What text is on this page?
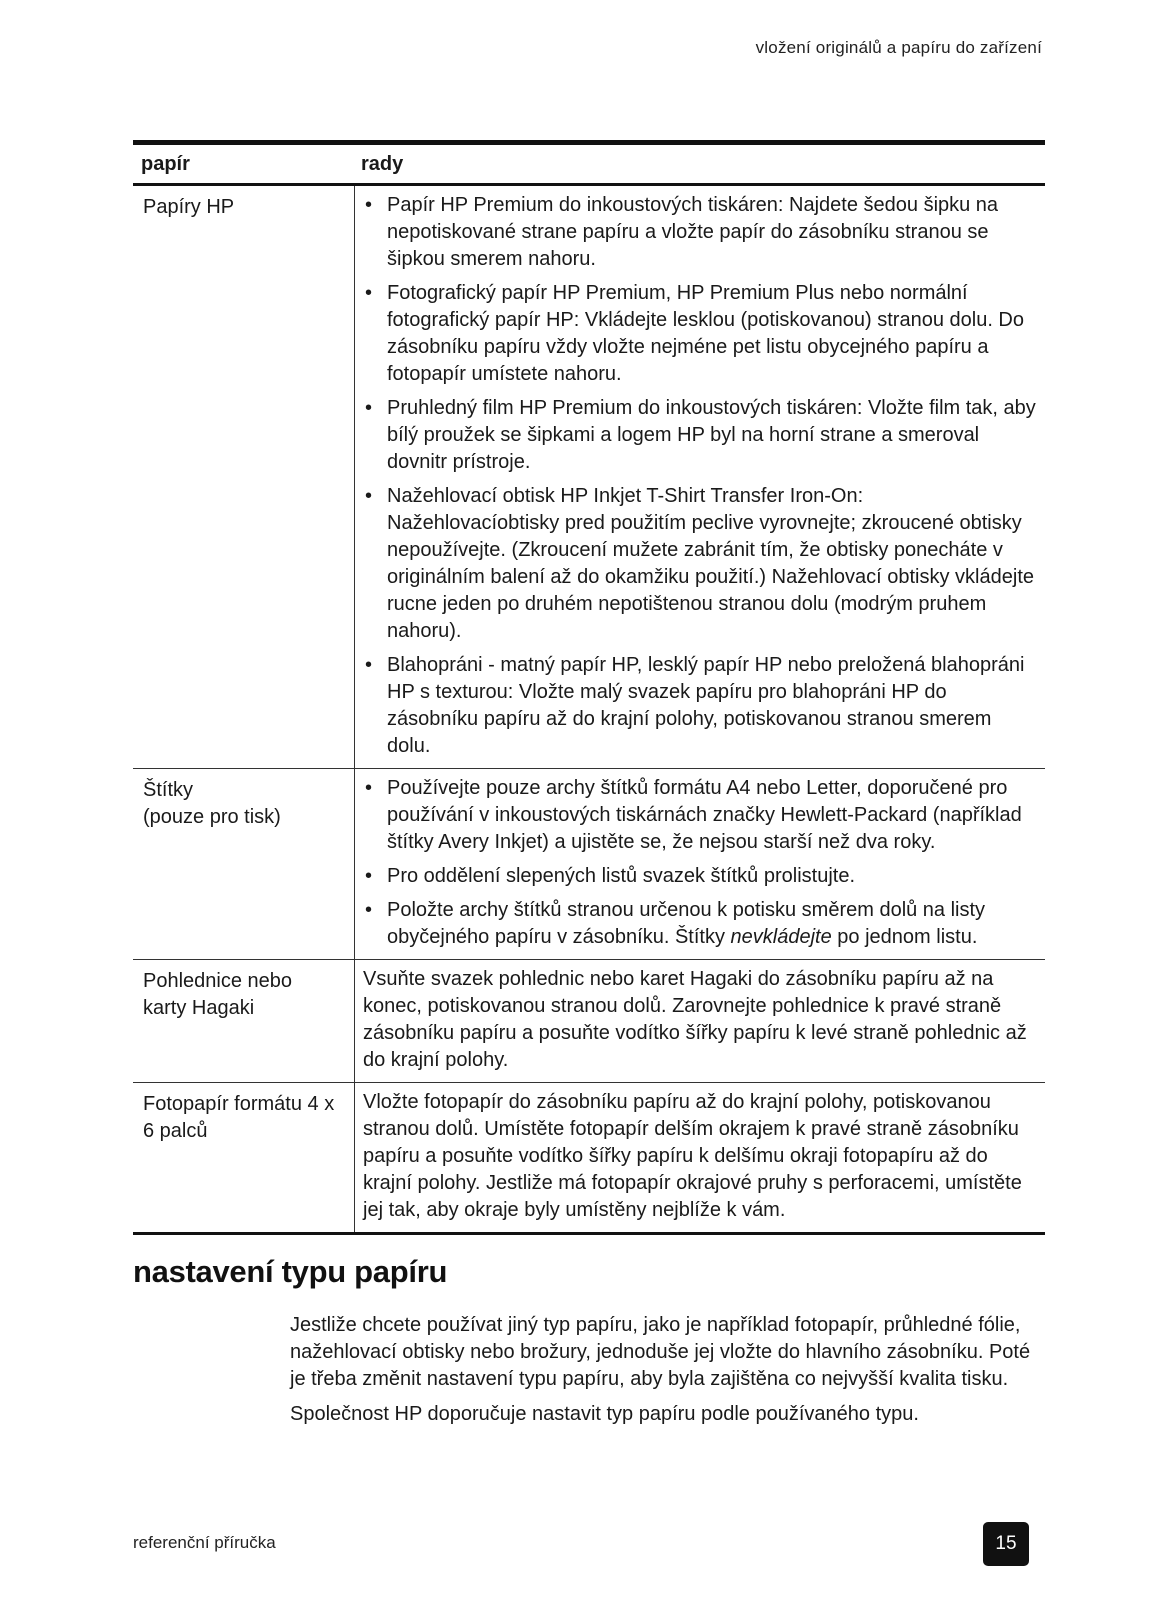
vložení originálů a papíru do zařízení
papír	rady
Papíry HP
•	Papír HP Premium do inkoustových tiskáren: Najdete šedou šipku na nepotiskované strane papíru a vložte papír do zásobníku stranou se šipkou smerem nahoru.
• Fotografický papír HP Premium, HP Premium Plus nebo normální fotografický papír HP: Vkládejte lesklou (potiskovanou) stranou dolu. Do zásobníku papíru vždy vložte nejméne pet listu obycejného papíru a fotopapír umístete nahoru.
• Pruhledný film HP Premium do inkoustových tiskáren: Vložte film tak, aby bílý proužek se šipkami a logem HP byl na horní strane a smeroval dovnitr prístroje.
• Nažehlovací obtisk HP Inkjet T-Shirt Transfer Iron-On: Nažehlovacíobtisky pred použitím peclive vyrovnejte; zkroucené obtisky nepoužívejte. (Zkroucení mužete zabránit tím, že obtisky ponecháte v originálním balení až do okamžiku použití.) Nažehlovací obtisky vkládejte rucne jeden po druhém nepotištenou stranou dolu (modrým pruhem nahoru).
• Blahopráni - matný papír HP, lesklý papír HP nebo preložená blahopráni HP s texturou: Vložte malý svazek papíru pro blahopráni HP do zásobníku papíru až do krajní polohy, potiskovanou stranou smerem dolu.
Štítky
(pouze pro tisk)
• Používejte pouze archy štítků formátu A4 nebo Letter, doporučené pro používání v inkoustových tiskárnách značky Hewlett-Packard (například štítky Avery Inkjet) a ujistěte se, že nejsou starší než dva roky.
• Pro oddělení slepených listů svazek štítků prolistujte.
• Položte archy štítků stranou určenou k potisku směrem dolů na listy obyčejného papíru v zásobníku. Štítky nevkládejte po jednom listu.
Pohlednice nebo
karty Hagaki
Vsuňte svazek pohlednic nebo karet Hagaki do zásobníku papíru až na konec, potiskovanou stranou dolů. Zarovnejte pohlednice k pravé straně zásobníku papíru a posuňte vodítko šířky papíru k levé straně pohlednic až do krajní polohy.
Fotopapír formátu 4 x
6 palců
Vložte fotopapír do zásobníku papíru až do krajní polohy, potiskovanou stranou dolů. Umístěte fotopapír delším okrajem k pravé straně zásobníku papíru a posuňte vodítko šířky papíru k delšímu okraji fotopapíru až do krajní polohy. Jestliže má fotopapír okrajové pruhy s perforacemi, umístěte jej tak, aby okraje byly umístěny nejblíže k vám.
nastavení typu papíru

Jestliže chcete používat jiný typ papíru, jako je například fotopapír, průhledné fólie, nažehlovací obtisky nebo brožury, jednoduše jej vložte do hlavního zásobníku. Poté je třeba změnit nastavení typu papíru, aby byla zajištěna co nejvyšší kvalita tisku.

Společnost HP doporučuje nastavit typ papíru podle používaného typu.

referenční příručka	15
